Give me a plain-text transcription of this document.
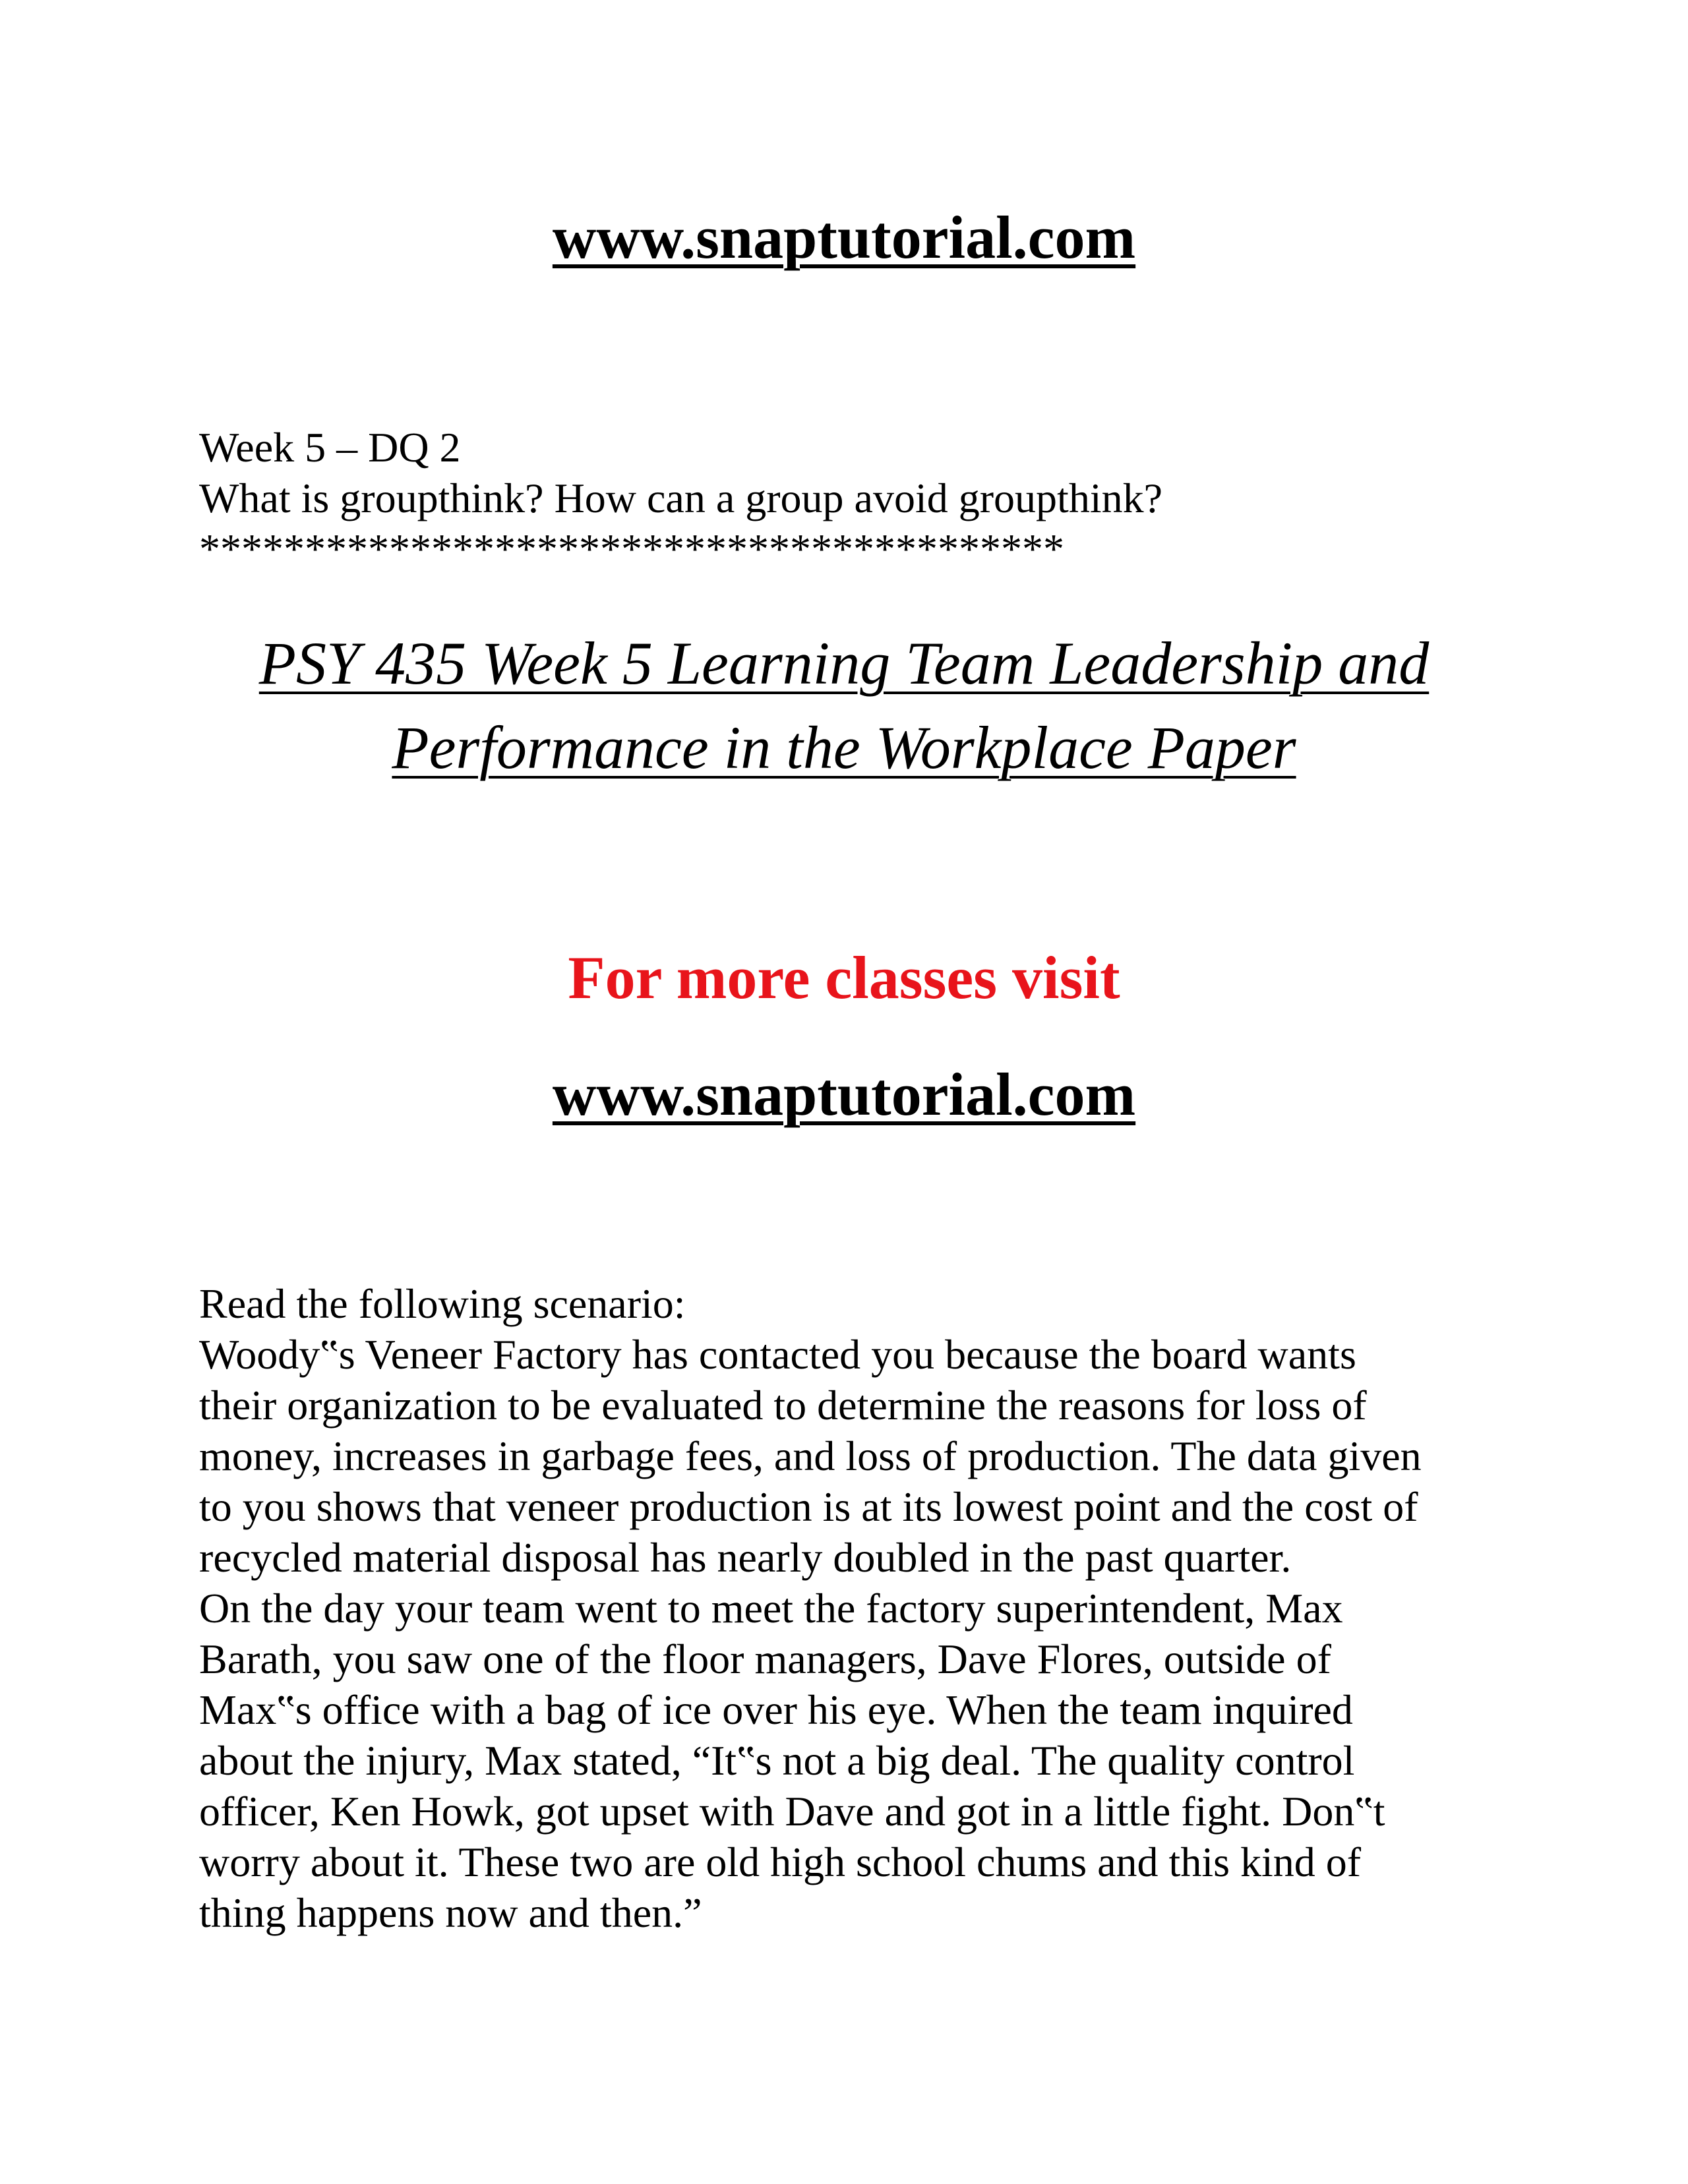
www.snaptutorial.com
Week 5 – DQ 2
What is groupthink? How can a group avoid groupthink?
*****************************************
PSY 435 Week 5 Learning Team Leadership and
Performance in the Workplace Paper
For more classes visit
www.snaptutorial.com
Read the following scenario:
Woody‟s Veneer Factory has contacted you because the board wants
their organization to be evaluated to determine the reasons for loss of
money, increases in garbage fees, and loss of production. The data given
to you shows that veneer production is at its lowest point and the cost of
recycled material disposal has nearly doubled in the past quarter.
On the day your team went to meet the factory superintendent, Max
Barath, you saw one of the floor managers, Dave Flores, outside of
Max‟s office with a bag of ice over his eye. When the team inquired
about the injury, Max stated, “It‟s not a big deal. The quality control
officer, Ken Howk, got upset with Dave and got in a little fight. Don‟t
worry about it. These two are old high school chums and this kind of
thing happens now and then.”
